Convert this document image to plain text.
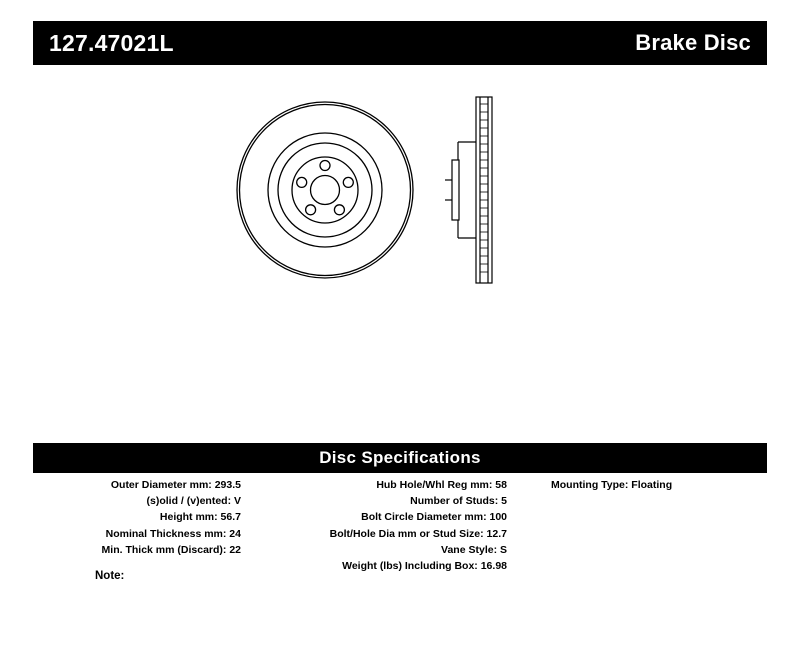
127.47021L	Brake Disc
Disc Specifications
Outer Diameter mm: 293.5
(s)olid / (v)ented: V
Height mm: 56.7
Nominal Thickness mm: 24
Min. Thick mm (Discard): 22
Hub Hole/Whl Reg mm: 58
Number of Studs: 5
Bolt Circle Diameter mm: 100
Bolt/Hole Dia mm or Stud Size: 12.7
Vane Style: S
Weight (lbs) Including Box: 16.98
Mounting Type: Floating
Note:
